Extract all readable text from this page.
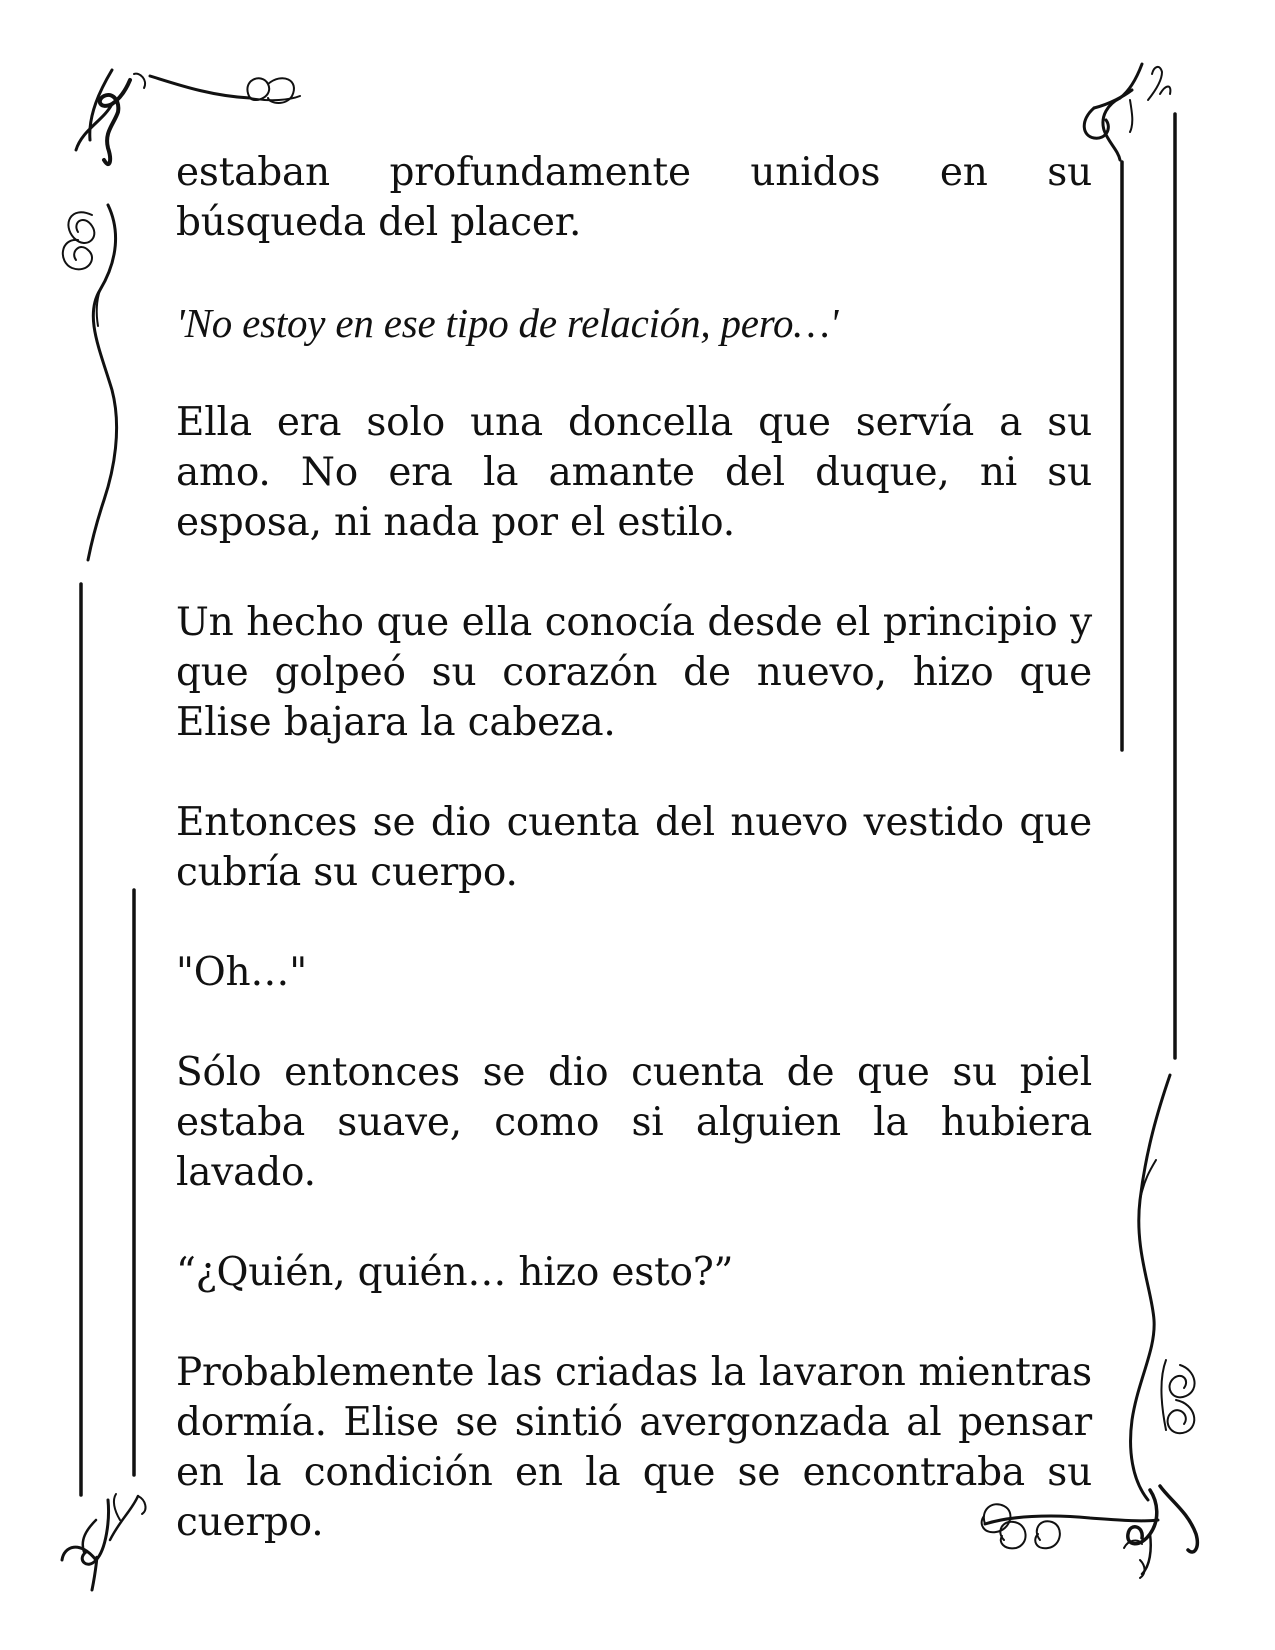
estaban profundamente unidos en su búsqueda del placer.

'No estoy en ese tipo de relación, pero…'

Ella era solo una doncella que servía a su amo. No era la amante del duque, ni su esposa, ni nada por el estilo.

Un hecho que ella conocía desde el principio y que golpeó su corazón de nuevo, hizo que Elise bajara la cabeza.

Entonces se dio cuenta del nuevo vestido que cubría su cuerpo.

"Oh…"

Sólo entonces se dio cuenta de que su piel estaba suave, como si alguien la hubiera lavado.

“¿Quién, quién… hizo esto?”

Probablemente las criadas la lavaron mientras dormía. Elise se sintió avergonzada al pensar en la condición en la que se encontraba su cuerpo.
